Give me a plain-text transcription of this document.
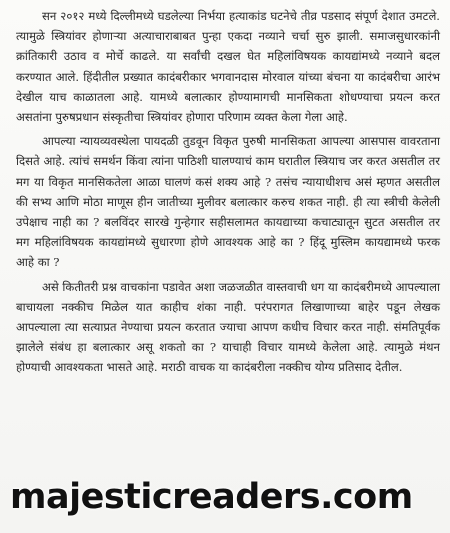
सन २०१२ मध्ये दिल्लीमध्ये घडलेल्या निर्भया हत्याकांड घटनेचे तीव्र पडसाद संपूर्ण देशात उमटले. त्यामुळे स्त्रियांवर होणाऱ्या अत्याचाराबाबत पुन्हा एकदा नव्याने चर्चा सुरु झाली. समाजसुधारकांनी क्रांतिकारी उठाव व मोर्चे काढले. या सर्वांची दखल घेत महिलांविषयक कायद्यांमध्ये नव्याने बदल करण्यात आले. हिंदीतील प्रख्यात कादंबरीकार भगवानदास मोरवाल यांच्या बंचना या कादंबरीचा आरंभ देखील याच काळातला आहे. यामध्ये बलात्कार होण्यामागची मानसिकता शोधण्याचा प्रयत्न करत असतांना पुरुषप्रधान संस्कृतीचा स्त्रियांवर होणारा परिणाम व्यक्त केला गेला आहे.

आपल्या न्यायव्यवस्थेला पायदळी तुडवून विकृत पुरुषी मानसिकता आपल्या आसपास वावरताना दिसते आहे. त्यांचं समर्थन किंवा त्यांना पाठिशी घालण्याचं काम घरातील स्त्रियाच जर करत असतील तर मग या विकृत मानसिकतेला आळा घालणं कसं शक्य आहे ? तसंच न्यायाधीशच असं म्हणत असतील की सभ्य आणि मोठा माणूस हीन जातीच्या मुलीवर बलात्कार करुच शकत नाही. ही त्या स्त्रीची केलेली उपेक्षाच नाही का ? बलविंदर सारखे गुन्हेगार सहीसलामत कायद्याच्या कचाट्यातून सुटत असतील तर मग महिलांविषयक कायद्यांमध्ये सुधारणा होणे आवश्यक आहे का ? हिंदू मुस्लिम कायद्यामध्ये फरक आहे का ?

असे कितीतरी प्रश्न वाचकांना पडावेत अशा जळजळीत वास्तवाची धग या कादंबरीमध्ये आपल्याला बाचायला नक्कीच मिळेल यात काहीच शंका नाही. परंपरागत लिखाणाच्या बाहेर पडून लेखक आपल्याला त्या सत्याप्रत नेण्याचा प्रयत्न करतात ज्याचा आपण कधीच विचार करत नाही. संमतिपूर्वक झालेले संबंध हा बलात्कार असू शकतो का ? याचाही विचार यामध्ये केलेला आहे. त्यामुळे मंथन होण्याची आवश्यकता भासते आहे. मराठी वाचक या कादंबरीला नक्कीच योग्य प्रतिसाद देतील.

majesticreaders.com
